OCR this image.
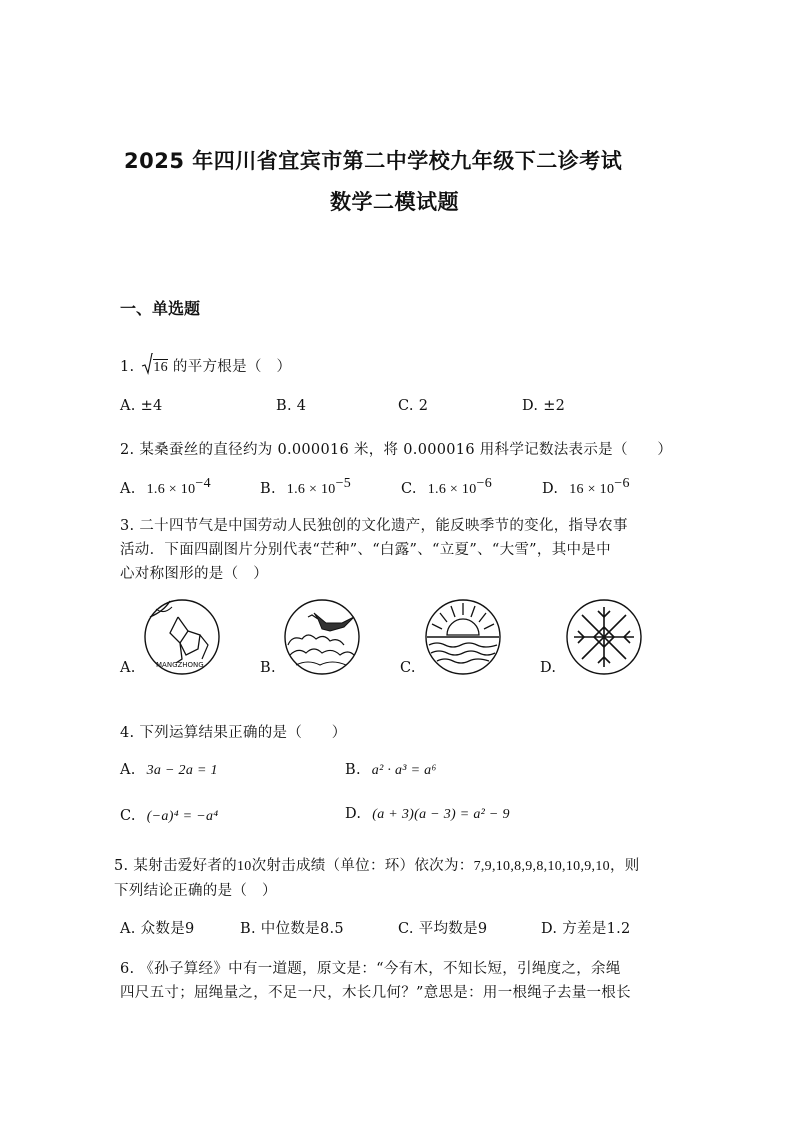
2025 年四川省宜宾市第二中学校九年级下二诊考试
数学二模试题
一、单选题
1. 16 的平方根是（　）
A. ±4	B. 4	C. 2	D. ±2
2. 某桑蚕丝的直径约为 0.000016 米，将 0.000016 用科学记数法表示是（　　）
A. $1.6 \times 10^{-4}$	B. $1.6 \times 10^{-5}$	C. $1.6 \times 10^{-6}$	D. $16 \times 10^{-6}$
3. 二十四节气是中国劳动人民独创的文化遗产，能反映季节的变化，指导农事
活动．下面四副图片分别代表“芒种”、“白露”、“立夏”、“大雪”，其中是中
心对称图形的是（　）
A.	B.	C.	D.
MANGZHONG
4. 下列运算结果正确的是（　　）
A. 3a − 2a = 1	B. a² · a³ = a⁶
C. (−a)⁴ = −a⁴	D. (a + 3)(a − 3) = a² − 9
5. 某射击爱好者的10次射击成绩（单位：环）依次为：7,9,10,8,9,8,10,10,9,10，则
下列结论正确的是（　）
A. 众数是9	B. 中位数是8.5	C. 平均数是9	D. 方差是1.2
6. 《孙子算经》中有一道题，原文是：“今有木，不知长短，引绳度之，余绳
四尺五寸；屈绳量之，不足一尺，木长几何？”意思是：用一根绳子去量一根长
